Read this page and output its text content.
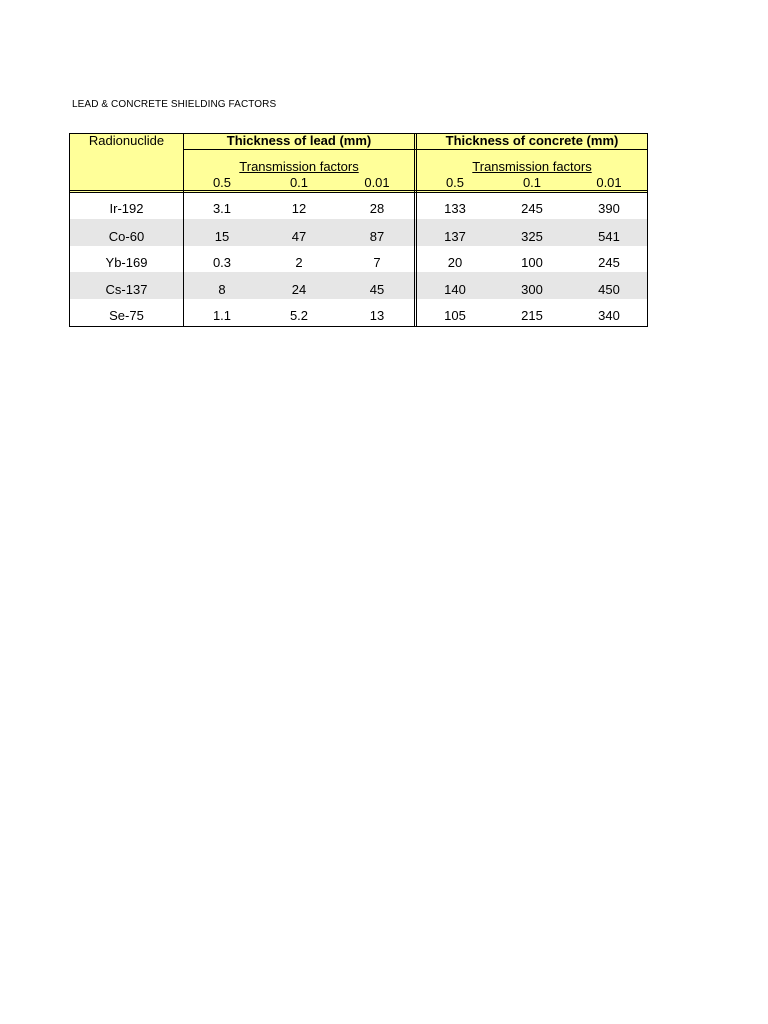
LEAD & CONCRETE SHIELDING FACTORS
Radionuclide	Thickness of lead (mm)
Transmission factors
0.5	0.1	0.01
Thickness of concrete (mm)
Transmission factors
0.5	0.1	0.01
Ir-192	3.1	12	28	133	245	390
Co-60	15	47	87	137	325	541
Yb-169	0.3	2	7	20	100	245
Cs-137	8	24	45	140	300	450
Se-75	1.1	5.2	13	105	215	340
